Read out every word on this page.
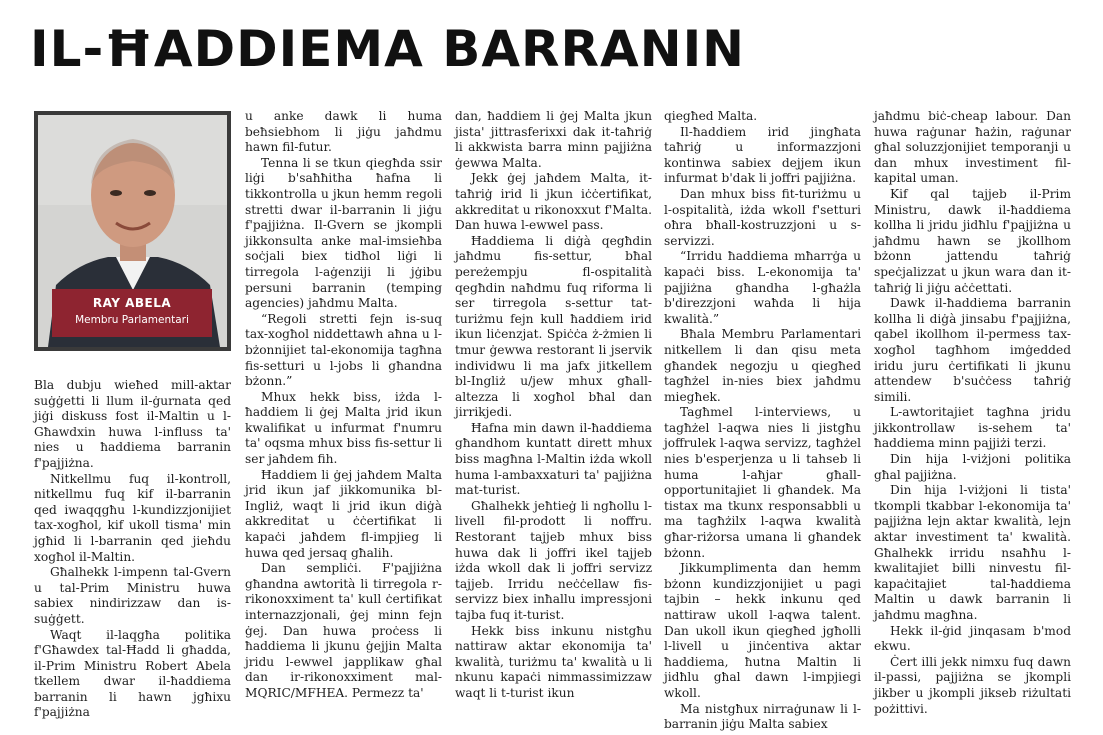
IL-ĦADDIEMA BARRANIN
RAY ABELA
Membru Parlamentari

Bla dubju wieħed mill-aktar suġġetti li llum il-ġurnata qed jiġi diskuss fost il-Maltin u l-Għawdxin huwa l-influss ta' nies u ħaddiema barranin f'pajjiżna.

Nitkellmu fuq il-kontroll, nitkellmu fuq kif il-barranin qed iwaqqgħu l-kundizzjonijiet tax-xogħol, kif ukoll tisma' min jgħid li l-barranin qed jieħdu xogħol il-Maltin.

Għalhekk l-impenn tal-Gvern u tal-Prim Ministru huwa sabiex nindirizzaw dan is-suġġett.

Waqt il-laqgħa politika f'Għawdex tal-Ħadd li għadda, il-Prim Ministru Robert Abela tkellem dwar il-ħaddiema barranin li hawn jgħixu f'pajjiżna

u anke dawk li huma beħsiebhom li jiġu jaħdmu hawn fil-futur.

Tenna li se tkun qiegħda ssir liġi b'saħħitha ħafna li tikkontrolla u jkun hemm regoli stretti dwar il-barranin li jiġu f'pajjiżna. Il-Gvern se jkompli jikkonsulta anke mal-imsieħba soċjali biex tidħol liġi li tirregola l-aġenziji li jġibu persuni barranin (temping agencies) jaħdmu Malta.

“Regoli stretti fejn is-suq tax-xogħol niddettawh aħna u l-bżonnijiet tal-ekonomija tagħna fis-setturi u l-jobs li għandna bżonn.”

Mhux hekk biss, iżda l-ħaddiem li ġej Malta jrid ikun kwalifikat u infurmat f'numru ta' oqsma mhux biss fis-settur li ser jaħdem fih.

Ħaddiem li ġej jaħdem Malta jrid ikun jaf jikkomunika bl-Ingliż, waqt li jrid ikun diġà akkreditat u ċċertifikat li kapaċi jaħdem fl-impjieg li huwa qed jersaq għalih.

Dan sempliċi. F'pajjiżna għandna awtorità li tirregola r-rikonoxximent ta' kull ċertifikat internazzjonali, ġej minn fejn ġej. Dan huwa proċess li ħaddiema li jkunu ġejjin Malta jridu l-ewwel japplikaw għal dan ir-rikonoxximent mal-MQRIC/MFHEA. Permezz ta'

dan, ħaddiem li ġej Malta jkun jista' jittrasferixxi dak it-taħriġ li akkwista barra minn pajjiżna ġewwa Malta.

Jekk ġej jaħdem Malta, it-taħriġ irid li jkun iċċertifikat, akkreditat u rikonoxxut f'Malta. Dan huwa l-ewwel pass.

Ħaddiema li diġà qegħdin jaħdmu fis-settur, bħal pereżempju fl-ospitalità qegħdin naħdmu fuq riforma li ser tirregola s-settur tat-turiżmu fejn kull ħaddiem irid ikun liċenzjat. Spiċċa ż-żmien li tmur ġewwa restorant li jservik individwu li ma jafx jitkellem bl-Ingliż u/jew mhux għall-altezza li xogħol bħal dan jirrikjedi.

Ħafna min dawn il-ħaddiema għandhom kuntatt dirett mhux biss magħna l-Maltin iżda wkoll huma l-ambaxxaturi ta' pajjiżna mat-turist.

Għalhekk jeħtieġ li ngħollu l-livell fil-prodott li noffru. Restorant tajjeb mhux biss huwa dak li joffri ikel tajjeb iżda wkoll dak li joffri servizz tajjeb. Irridu neċċellaw fis-servizz biex inħallu impressjoni tajba fuq it-turist.

Hekk biss inkunu nistgħu nattiraw aktar ekonomija ta' kwalità, turiżmu ta' kwalità u li nkunu kapaċi nimmassimizzaw waqt li t-turist ikun

qiegħed Malta.

Il-ħaddiem irid jingħata taħriġ u informazzjoni kontinwa sabiex dejjem ikun infurmat b'dak li joffri pajjiżna.

Dan mhux biss fit-turiżmu u l-ospitalità, iżda wkoll f'setturi oħra bħall-kostruzzjoni u s-servizzi.

“Irridu ħaddiema mħarrġa u kapaċi biss. L-ekonomija ta' pajjiżna għandha l-għażla b'direzzjoni waħda li hija kwalità.”

Bħala Membru Parlamentari nitkellem li dan qisu meta għandek negozju u qiegħed tagħżel in-nies biex jaħdmu miegħek.

Tagħmel l-interviews, u tagħżel l-aqwa nies li jistgħu joffrulek l-aqwa servizz, tagħżel nies b'esperjenza u li tahseb li huma l-aħjar għall-opportunitajiet li għandek. Ma tistax ma tkunx responsabbli u ma tagħżilx l-aqwa kwalità għar-riżorsa umana li għandek bżonn.

Jikkumplimenta dan hemm bżonn kundizzjonijiet u pagi tajbin – hekk inkunu qed nattiraw ukoll l-aqwa talent. Dan ukoll ikun qiegħed jgħolli l-livell u jinċentiva aktar ħaddiema, ħutna Maltin li jidħlu għal dawn l-impjiegi wkoll.

Ma nistgħux nirraġunaw li l-barranin jiġu Malta sabiex

jaħdmu biċ-cheap labour. Dan huwa raġunar ħażin, raġunar għal soluzzjonijiet temporanji u dan mhux investiment fil-kapital uman.

Kif qal tajjeb il-Prim Ministru, dawk il-ħaddiema kollha li jridu jidħlu f'pajjiżna u jaħdmu hawn se jkollhom bżonn jattendu taħriġ speċjalizzat u jkun wara dan it-taħriġ li jiġu aċċettati.

Dawk il-ħaddiema barranin kollha li diġà jinsabu f'pajjiżna, qabel ikollhom il-permess tax-xogħol tagħhom imġedded iridu juru ċertifikati li jkunu attendew b'suċċess taħriġ simili.

L-awtoritajiet tagħna jridu jikkontrollaw is-sehem ta' ħaddiema minn pajjiżi terzi.

Din hija l-viżjoni politika għal pajjiżna.

Din hija l-viżjoni li tista' tkompli tkabbar l-ekonomija ta' pajjiżna lejn aktar kwalità, lejn aktar investiment ta' kwalità. Għalhekk irridu nsaħħu l-kwalitajiet billi ninvestu fil-kapaċitajiet tal-ħaddiema Maltin u dawk barranin li jaħdmu magħna.

Hekk il-ġid jinqasam b'mod ekwu.

Ċert illi jekk nimxu fuq dawn il-passi, pajjiżna se jkompli jikber u jkompli jikseb riżultati pożittivi.
